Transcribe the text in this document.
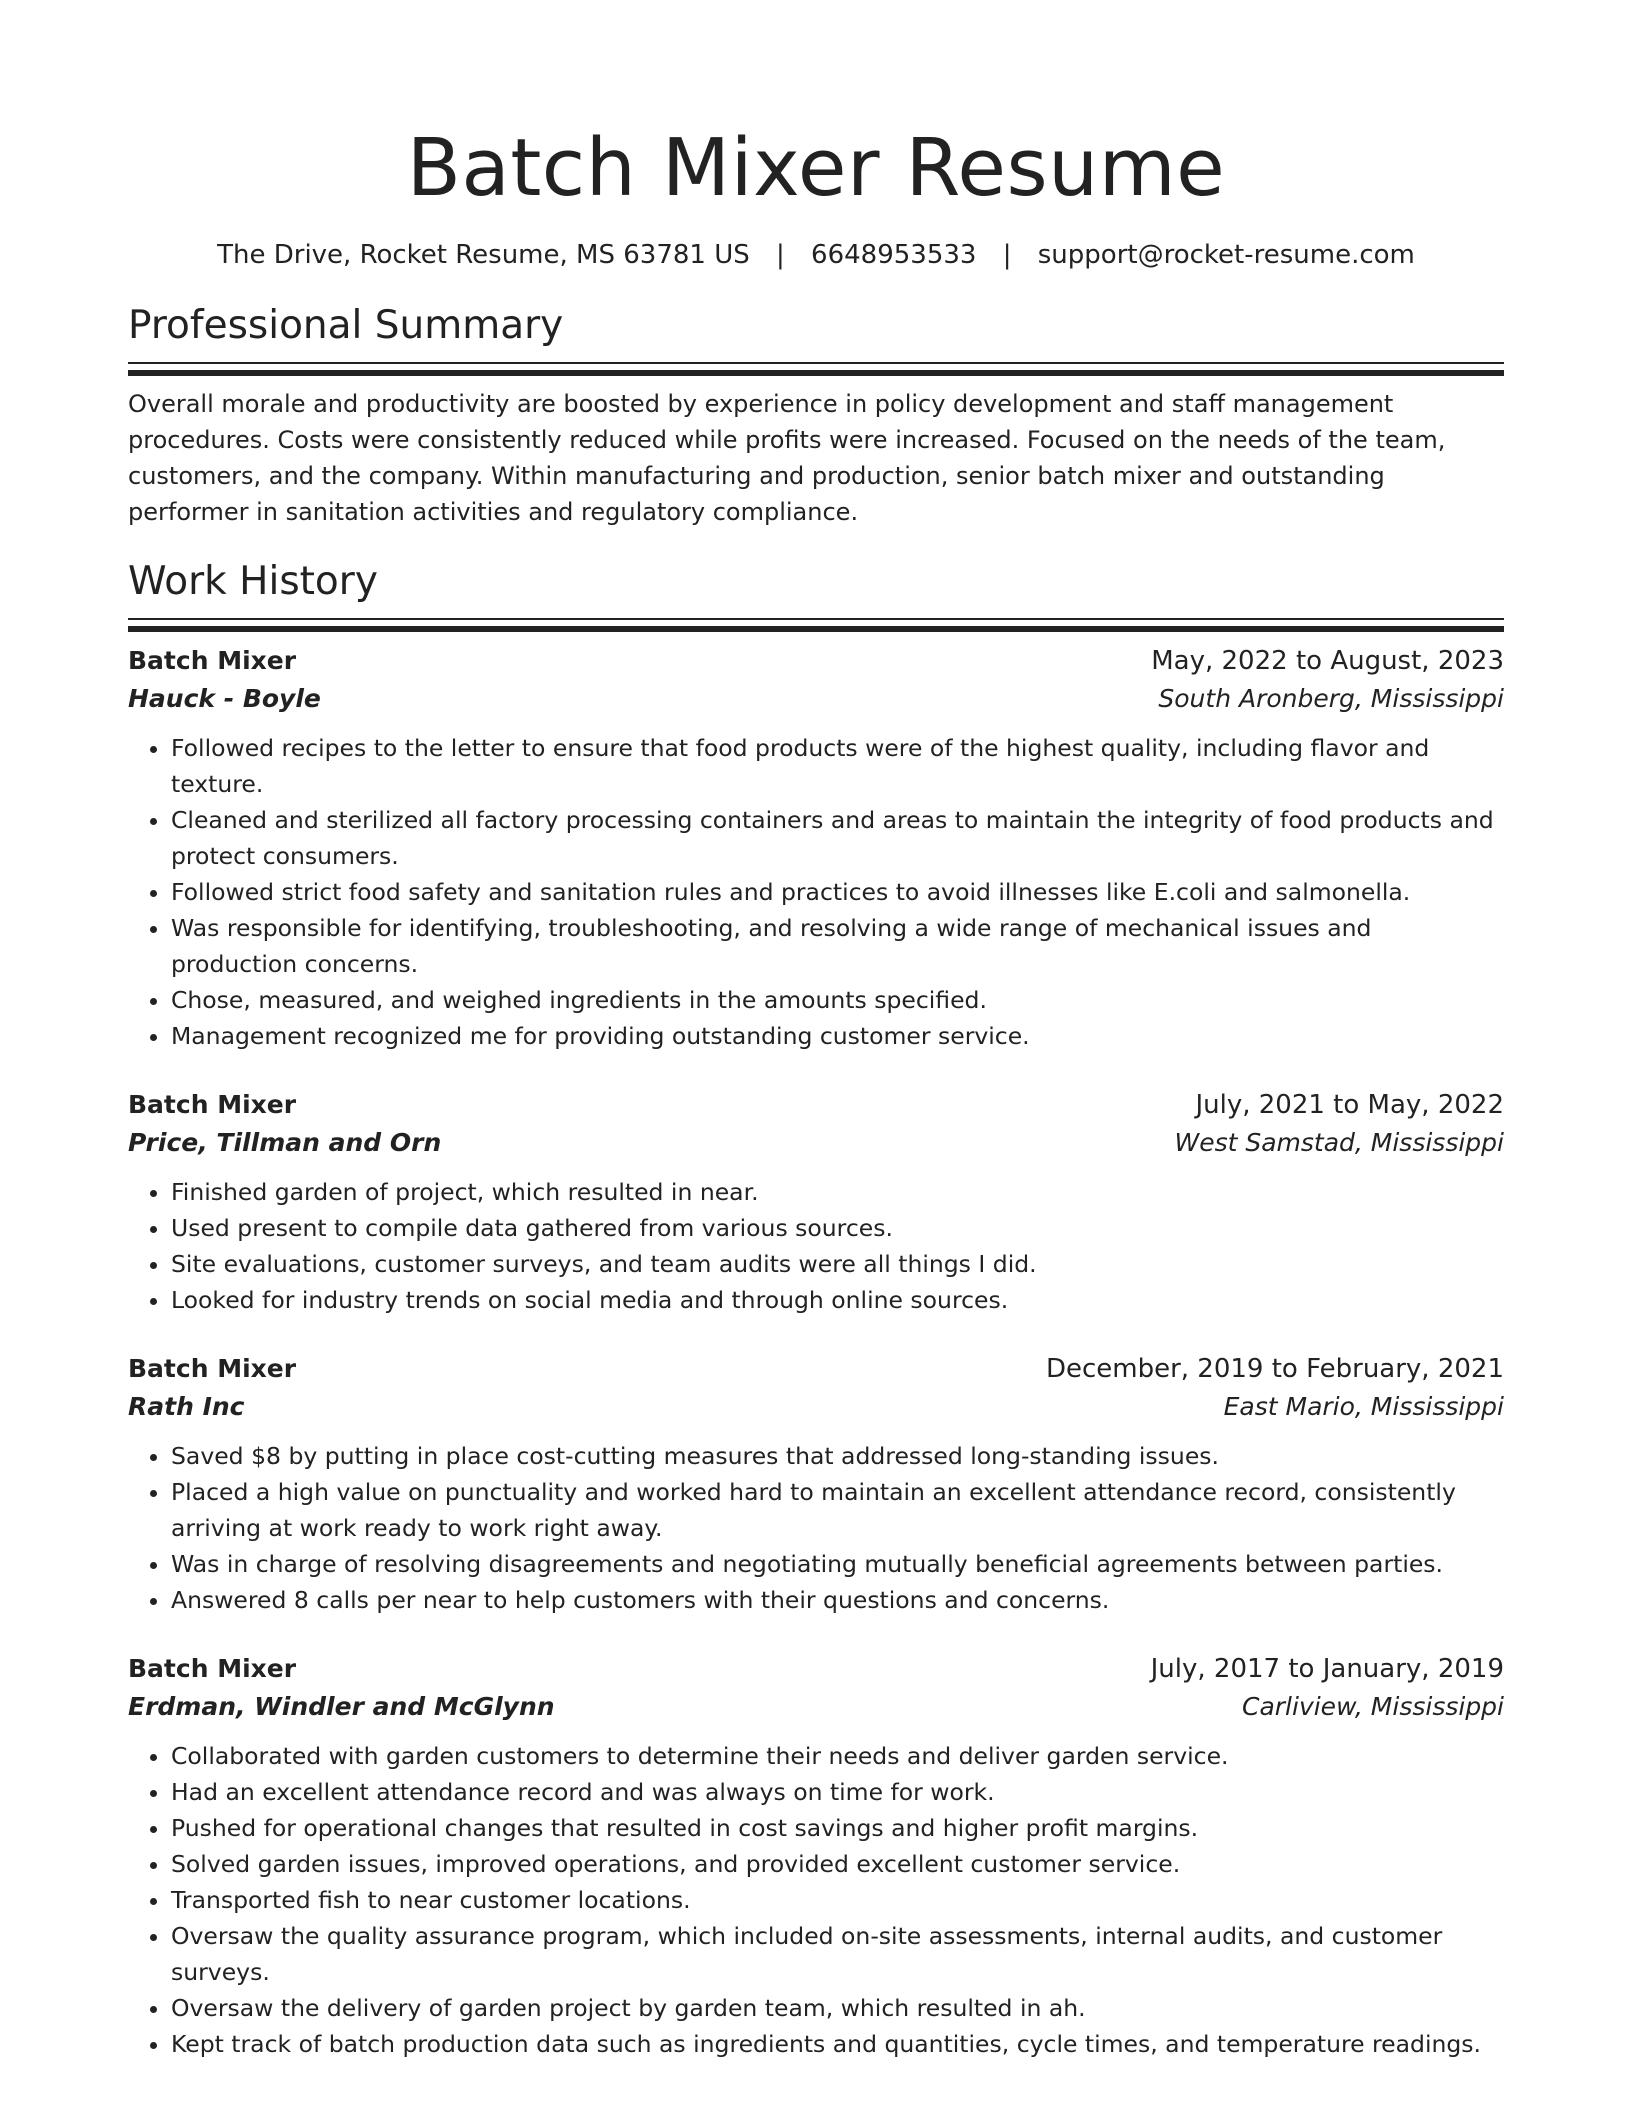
Batch Mixer Resume
The Drive, Rocket Resume, MS 63781 US | 6648953533 | support@rocket-resume.com
Professional Summary

Overall morale and productivity are boosted by experience in policy development and staff management procedures. Costs were consistently reduced while profits were increased. Focused on the needs of the team, customers, and the company. Within manufacturing and production, senior batch mixer and outstanding performer in sanitation activities and regulatory compliance.

Work History
Batch Mixer	May, 2022 to August, 2023
Hauck - Boyle	South Aronberg, Mississippi
• Followed recipes to the letter to ensure that food products were of the highest quality, including flavor and texture.
• Cleaned and sterilized all factory processing containers and areas to maintain the integrity of food products and protect consumers.
• Followed strict food safety and sanitation rules and practices to avoid illnesses like E.coli and salmonella.
• Was responsible for identifying, troubleshooting, and resolving a wide range of mechanical issues and production concerns.
• Chose, measured, and weighed ingredients in the amounts specified.
• Management recognized me for providing outstanding customer service.
Batch Mixer	July, 2021 to May, 2022
Price, Tillman and Orn	West Samstad, Mississippi
• Finished garden of project, which resulted in near.
• Used present to compile data gathered from various sources.
• Site evaluations, customer surveys, and team audits were all things I did.
• Looked for industry trends on social media and through online sources.
Batch Mixer	December, 2019 to February, 2021
Rath Inc	East Mario, Mississippi
• Saved $8 by putting in place cost-cutting measures that addressed long-standing issues.
• Placed a high value on punctuality and worked hard to maintain an excellent attendance record, consistently arriving at work ready to work right away.
• Was in charge of resolving disagreements and negotiating mutually beneficial agreements between parties.
• Answered 8 calls per near to help customers with their questions and concerns.
Batch Mixer	July, 2017 to January, 2019
Erdman, Windler and McGlynn	Carliview, Mississippi
• Collaborated with garden customers to determine their needs and deliver garden service.
• Had an excellent attendance record and was always on time for work.
• Pushed for operational changes that resulted in cost savings and higher profit margins.
• Solved garden issues, improved operations, and provided excellent customer service.
• Transported fish to near customer locations.
• Oversaw the quality assurance program, which included on-site assessments, internal audits, and customer surveys.
• Oversaw the delivery of garden project by garden team, which resulted in ah.
• Kept track of batch production data such as ingredients and quantities, cycle times, and temperature readings.
